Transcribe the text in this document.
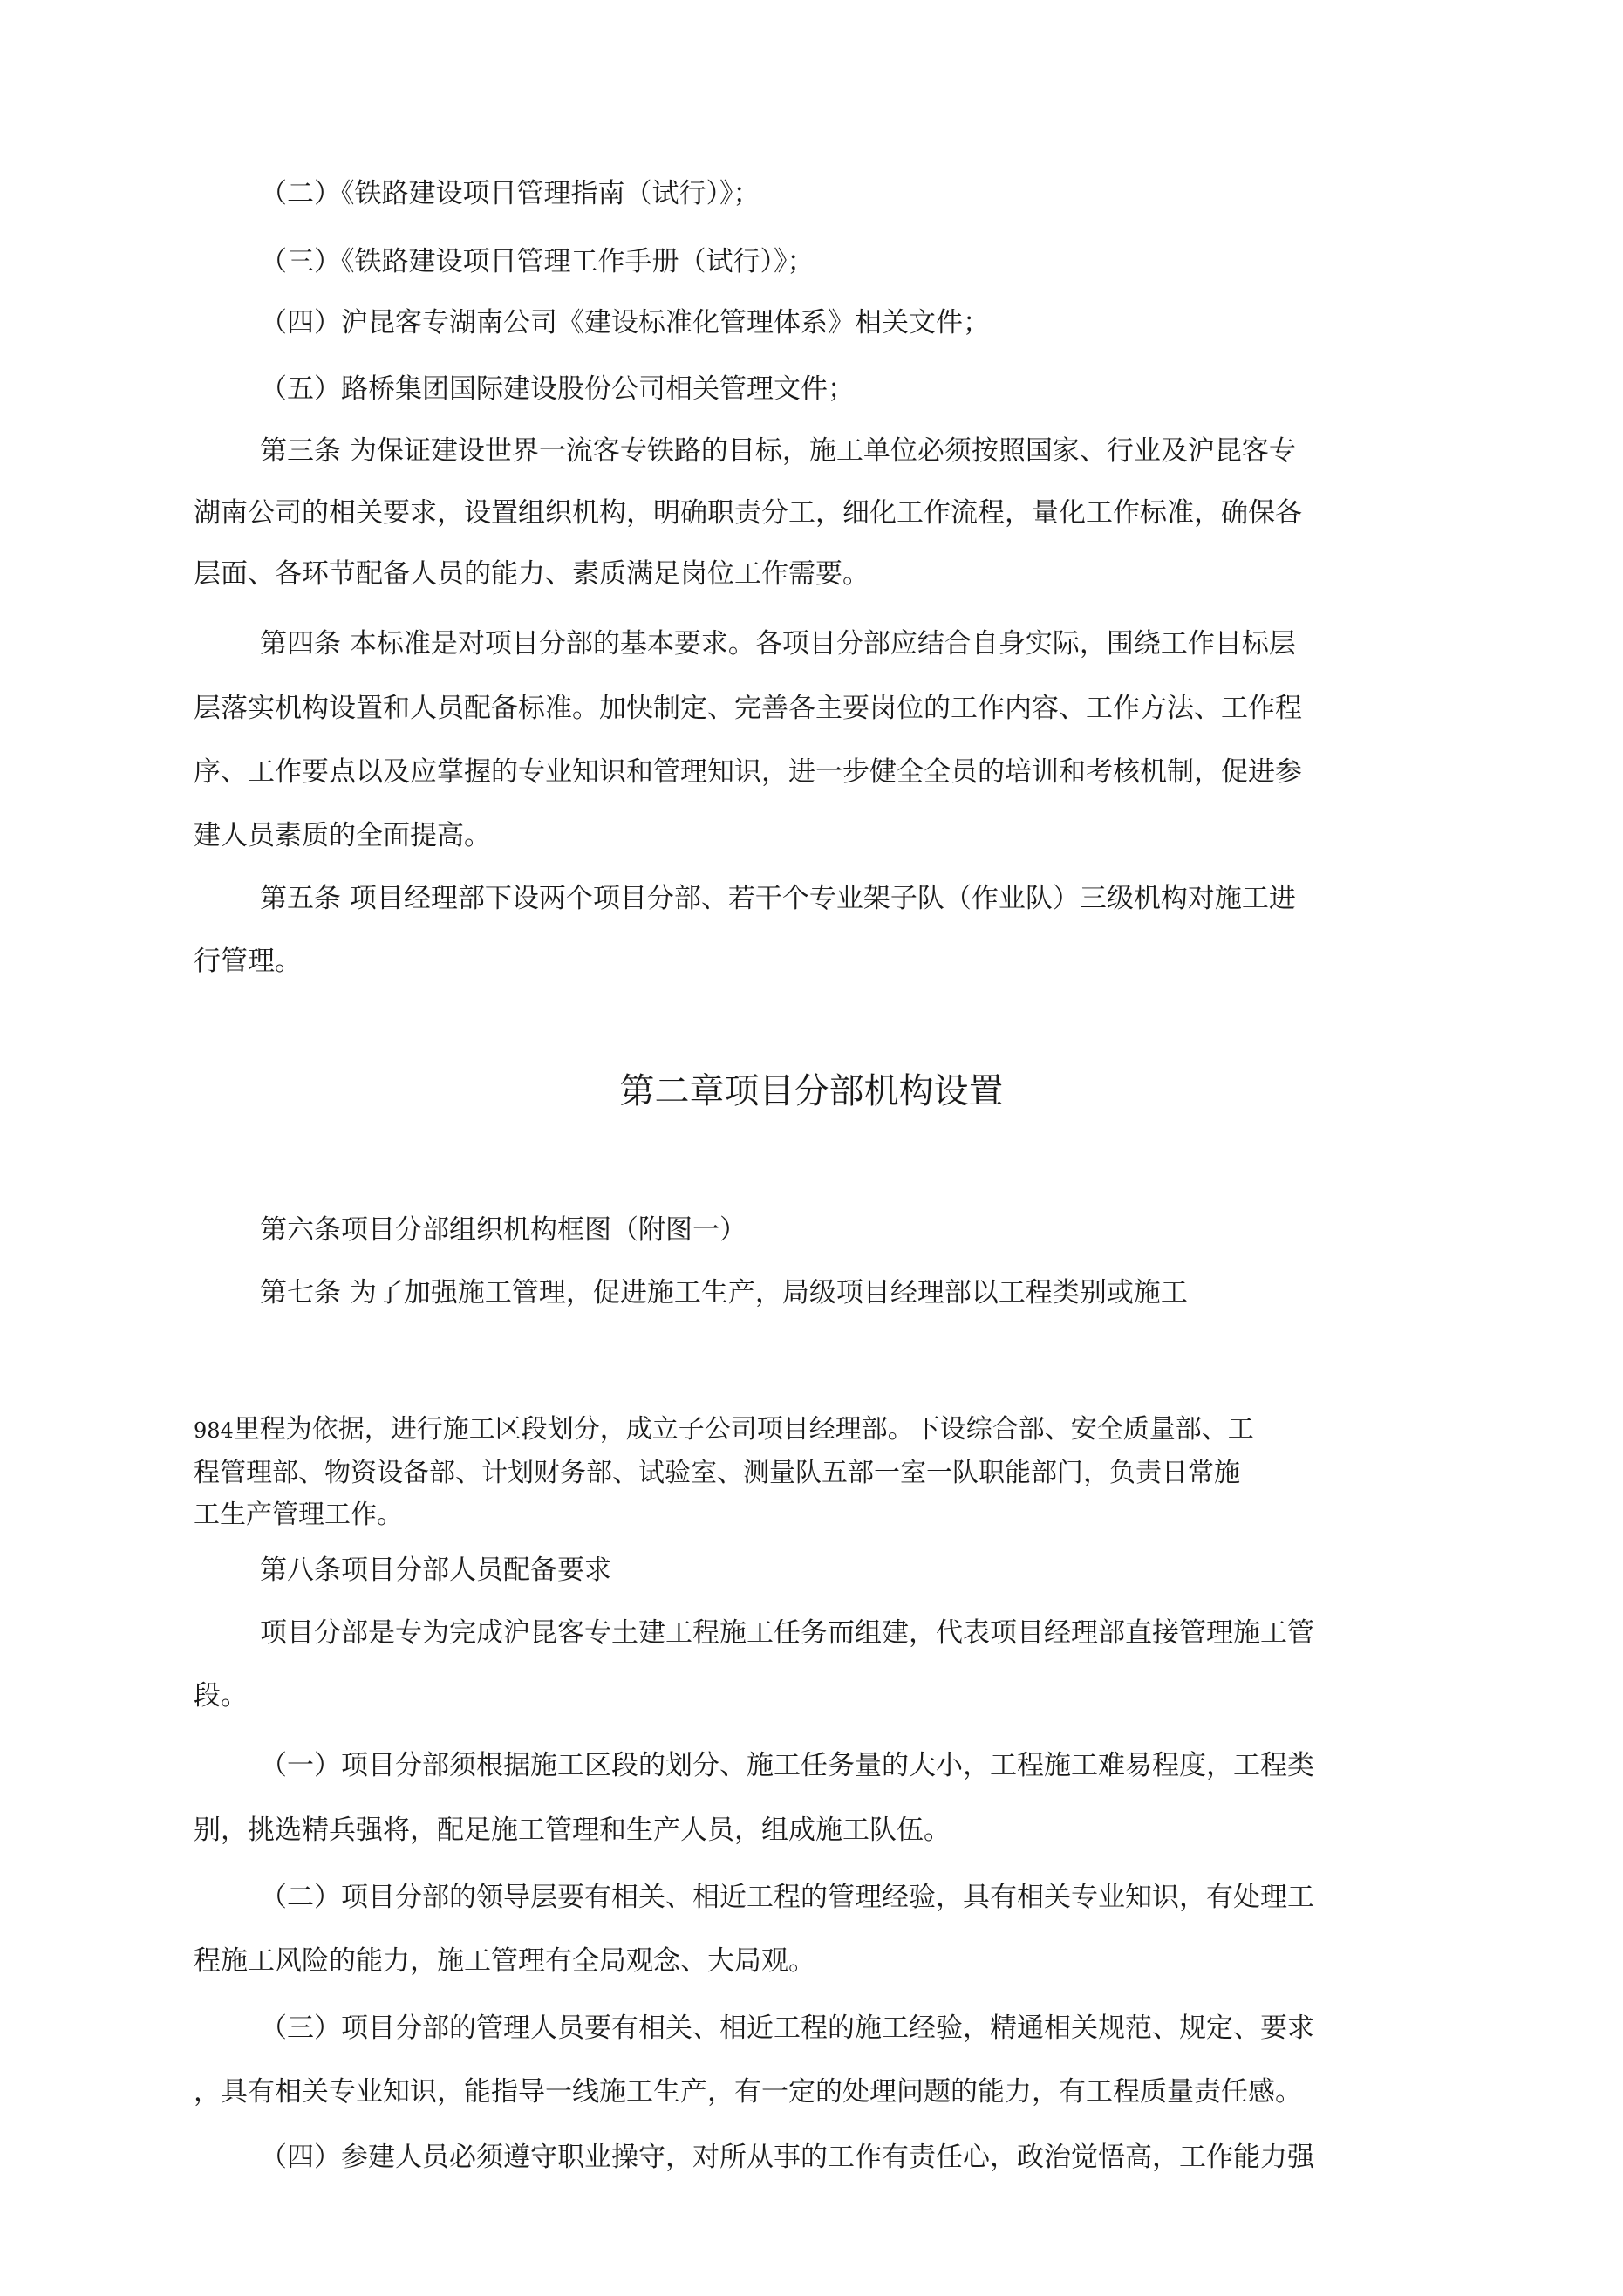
（二）《铁路建设项目管理指南（试行）》；

（三）《铁路建设项目管理工作手册（试行）》；

（四）沪昆客专湖南公司《建设标准化管理体系》相关文件；

（五）路桥集团国际建设股份公司相关管理文件；

第三条 为保证建设世界一流客专铁路的目标，施工单位必须按照国家、行业及沪昆客专

湖南公司的相关要求，设置组织机构，明确职责分工，细化工作流程，量化工作标准，确保各

层面、各环节配备人员的能力、素质满足岗位工作需要。

第四条 本标准是对项目分部的基本要求。各项目分部应结合自身实际，围绕工作目标层

层落实机构设置和人员配备标准。加快制定、完善各主要岗位的工作内容、工作方法、工作程

序、工作要点以及应掌握的专业知识和管理知识，进一步健全全员的培训和考核机制，促进参

建人员素质的全面提高。

第五条 项目经理部下设两个项目分部、若干个专业架子队（作业队）三级机构对施工进

行管理。

第二章项目分部机构设置

第六条项目分部组织机构框图（附图一）

第七条 为了加强施工管理，促进施工生产，局级项目经理部以工程类别或施工

984里程为依据，进行施工区段划分，成立子公司项目经理部。下设综合部、安全质量部、工

程管理部、物资设备部、计划财务部、试验室、测量队五部一室一队职能部门，负责日常施

工生产管理工作。

第八条项目分部人员配备要求

项目分部是专为完成沪昆客专土建工程施工任务而组建，代表项目经理部直接管理施工管

段。

（一）项目分部须根据施工区段的划分、施工任务量的大小，工程施工难易程度，工程类

别，挑选精兵强将，配足施工管理和生产人员，组成施工队伍。

（二）项目分部的领导层要有相关、相近工程的管理经验，具有相关专业知识，有处理工

程施工风险的能力，施工管理有全局观念、大局观。

（三）项目分部的管理人员要有相关、相近工程的施工经验，精通相关规范、规定、要求

，具有相关专业知识，能指导一线施工生产，有一定的处理问题的能力，有工程质量责任感。

（四）参建人员必须遵守职业操守，对所从事的工作有责任心，政治觉悟高，工作能力强
